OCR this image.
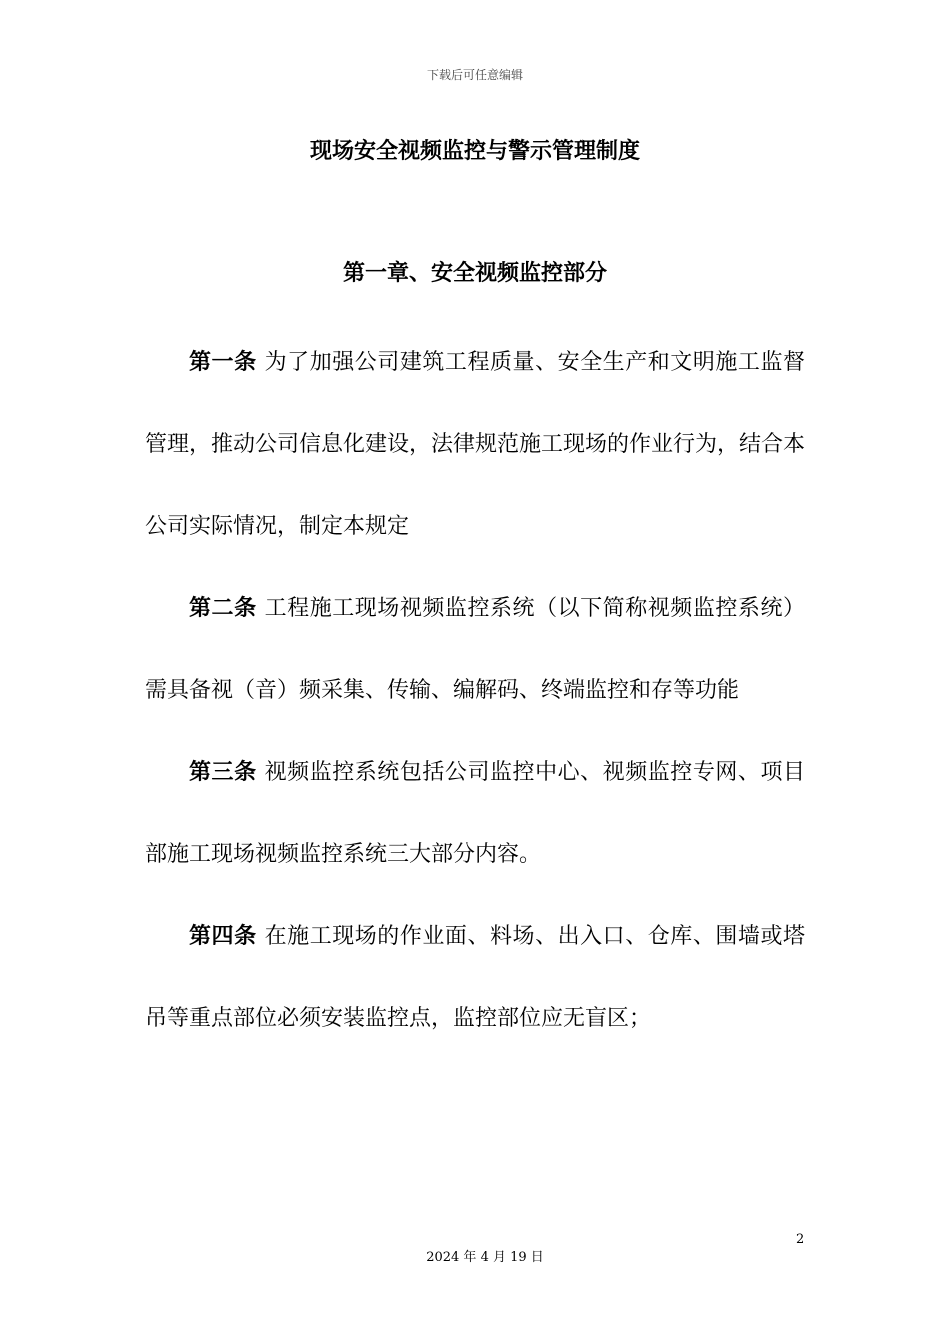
下载后可任意编辑
现场安全视频监控与警示管理制度
第一章、安全视频监控部分

第一条 为了加强公司建筑工程质量、安全生产和文明施工监督管理，推动公司信息化建设，法律规范施工现场的作业行为，结合本公司实际情况，制定本规定

第二条 工程施工现场视频监控系统（以下简称视频监控系统）需具备视（音）频采集、传输、编解码、终端监控和存等功能

第三条 视频监控系统包括公司监控中心、视频监控专网、项目部施工现场视频监控系统三大部分内容。

第四条 在施工现场的作业面、料场、出入口、仓库、围墙或塔吊等重点部位必须安装监控点，监控部位应无盲区；

2
2024 年 4 月 19 日
